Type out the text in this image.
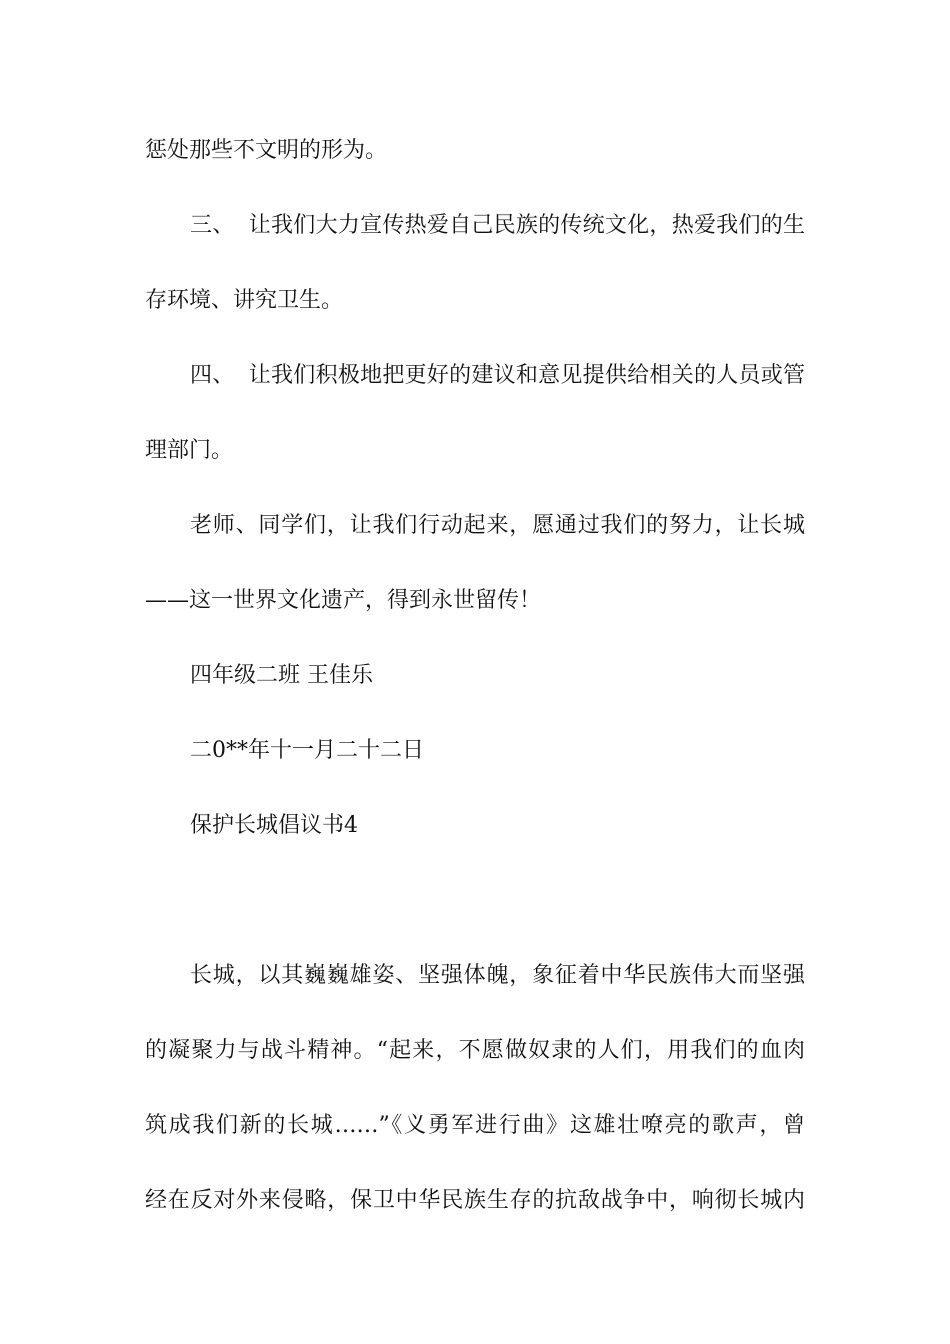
惩处那些不文明的形为。
三、 让我们大力宣传热爱自己民族的传统文化，热爱我们的生
存环境、讲究卫生。
四、 让我们积极地把更好的建议和意见提供给相关的人员或管
理部门。
老师、同学们，让我们行动起来，愿通过我们的努力，让长城
——这一世界文化遗产，得到永世留传！
四年级二班 王佳乐
二0**年十一月二十二日
保护长城倡议书4
长城，以其巍巍雄姿、坚强体魄，象征着中华民族伟大而坚强
的凝聚力与战斗精神。“起来，不愿做奴隶的人们，用我们的血肉
筑成我们新的长城……”《义勇军进行曲》这雄壮嘹亮的歌声，曾
经在反对外来侵略，保卫中华民族生存的抗敌战争中，响彻长城内
